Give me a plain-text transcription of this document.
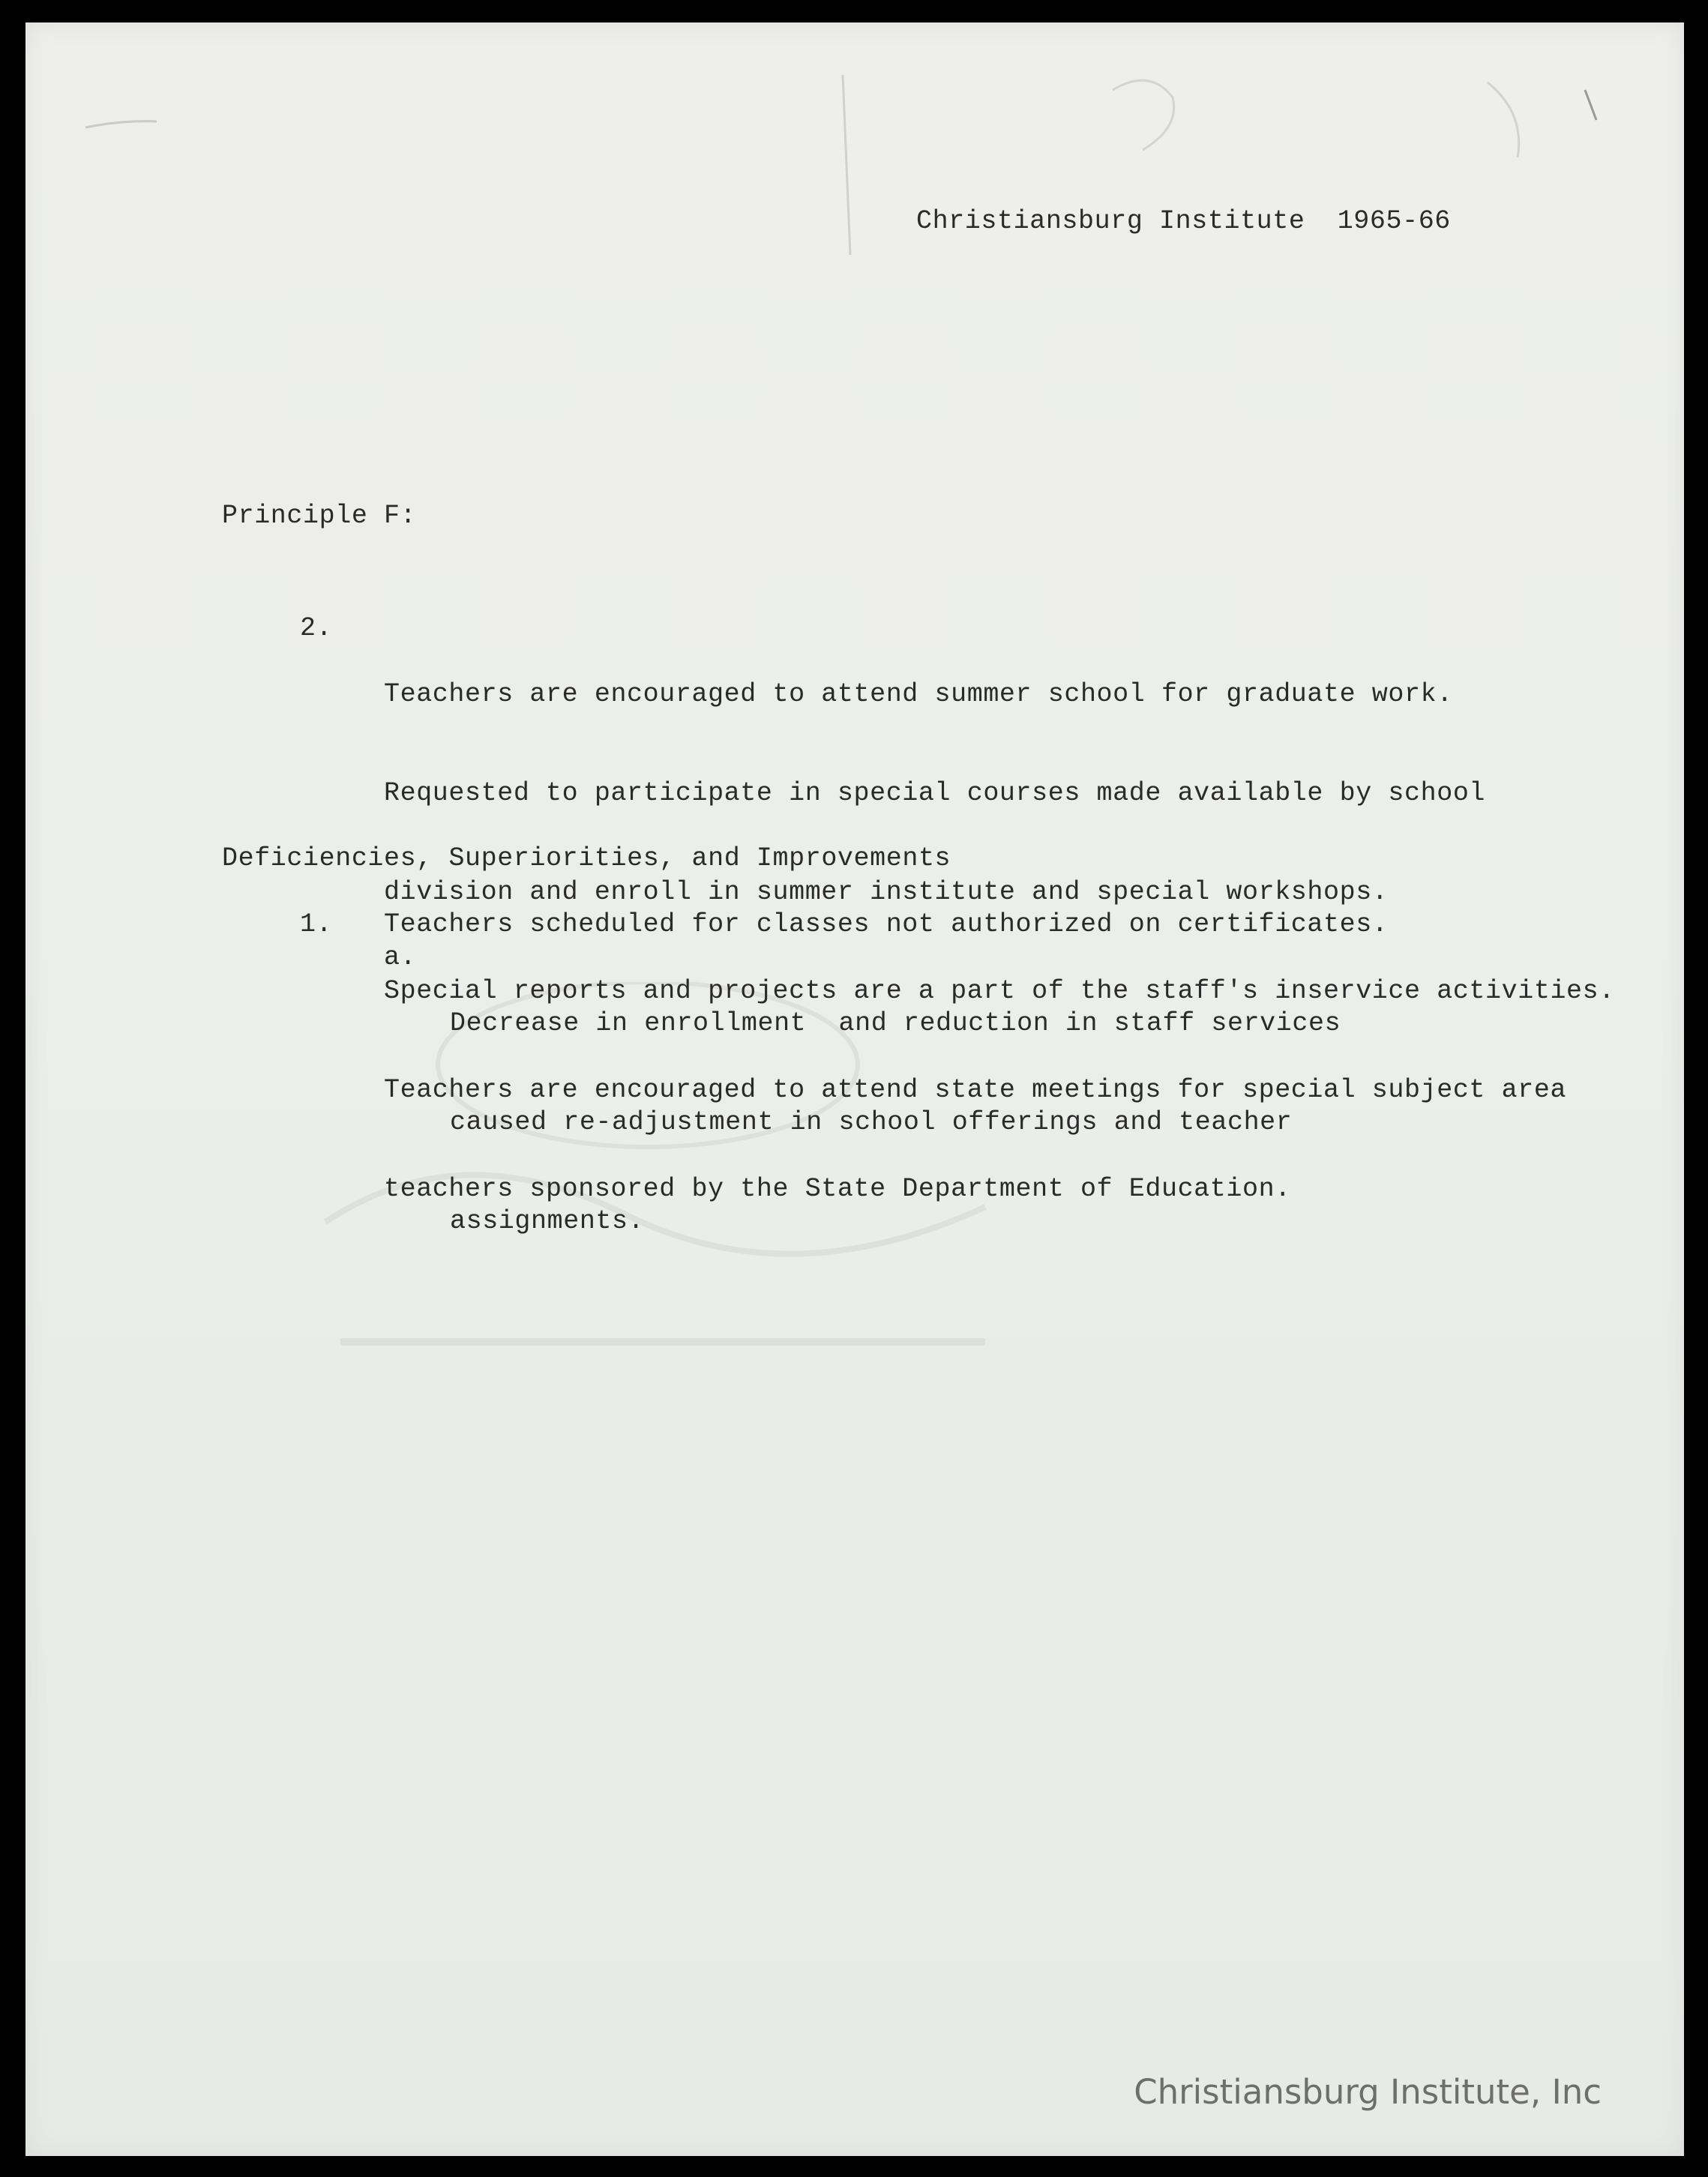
Christiansburg Institute  1965-66
Principle F:
2.

Teachers are encouraged to attend summer school for graduate work.

Requested to participate in special courses made available by school

division and enroll in summer institute and special workshops.

Special reports and projects are a part of the staff's inservice activities.

Teachers are encouraged to attend state meetings for special subject area

teachers sponsored by the State Department of Education.

Deficiencies, Superiorities, and Improvements
1. Teachers scheduled for classes not authorized on certificates.
a.

Decrease in enrollment  and reduction in staff services

caused re-adjustment in school offerings and teacher

assignments.

Christiansburg Institute, Inc
